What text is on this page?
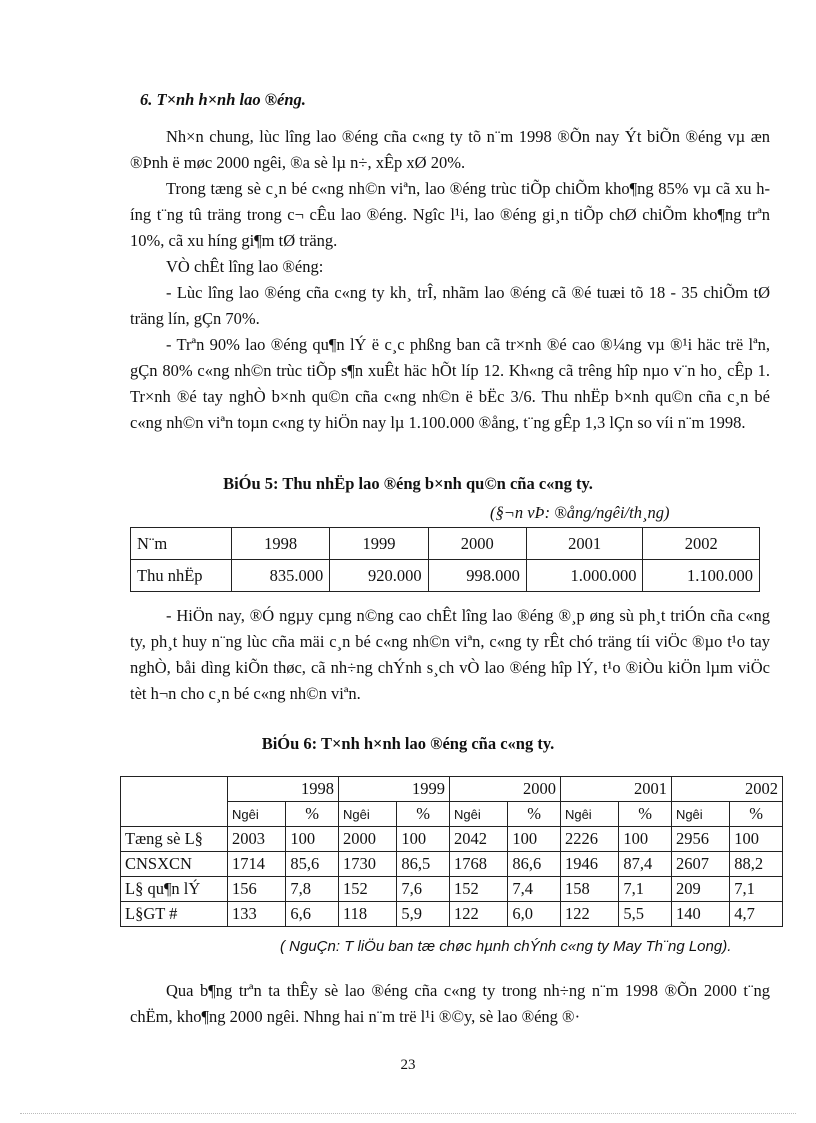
6. T×nh h×nh lao ®éng.

Nh×n chung, lùc lîng lao ®éng cña c«ng ty tõ n¨m 1998 ®Õn nay Ýt biÕn ®éng vµ æn ®Þnh ë møc 2000 ngêi, ®a sè lµ n÷, xÊp xØ 20%.

Trong tæng sè c¸n bé c«ng nh©n viªn, lao ®éng trùc tiÕp chiÕm kho¶ng 85% vµ cã xu híng t¨ng tû träng trong c¬ cÊu lao ®éng. Ngîc l¹i, lao ®éng gi¸n tiÕp chØ chiÕm kho¶ng trªn 10%, cã xu híng gi¶m tØ träng.

VÒ chÊt lîng lao ®éng:

- Lùc lîng lao ®éng cña c«ng ty kh¸ trÎ, nhãm lao ®éng cã ®é tuæi tõ 18 - 35 chiÕm tØ träng lín, gÇn 70%.

- Trªn 90% lao ®éng qu¶n lÝ ë c¸c phßng ban cã tr×nh ®é cao ®¼ng vµ ®¹i häc trë lªn, gÇn 80% c«ng nh©n trùc tiÕp s¶n xuÊt häc hÕt líp 12. Kh«ng cã trêng hîp nµo v¨n ho¸ cÊp 1. Tr×nh ®é tay nghÒ b×nh qu©n cña c«ng nh©n ë bËc 3/6. Thu nhËp b×nh qu©n cña c¸n bé c«ng nh©n viªn toµn c«ng ty hiÖn nay lµ 1.100.000 ®ång, t¨ng gÊp 1,3 lÇn so víi n¨m 1998.

BiÓu 5: Thu nhËp lao ®éng b×nh qu©n cña c«ng ty.

(§¬n vÞ: ®ång/ngêi/th¸ng)

N¨m	1998	1999	2000	2001	2002
Thu nhËp	835.000	920.000	998.000	1.000.000	1.100.000

- HiÖn nay, ®Ó ngµy cµng n©ng cao chÊt lîng lao ®éng ®¸p øng sù ph¸t triÓn cña c«ng ty, ph¸t huy n¨ng lùc cña mäi c¸n bé c«ng nh©n viªn, c«ng ty rÊt chó träng tíi viÖc ®µo t¹o tay nghÒ, båi dìng kiÕn thøc, cã nh÷ng chÝnh s¸ch vÒ lao ®éng hîp lÝ, t¹o ®iÒu kiÖn lµm viÖc tèt h¬n cho c¸n bé c«ng nh©n viªn.

BiÓu 6: T×nh h×nh lao ®éng cña c«ng ty.

	1998		1999		2000		2001		2002	
	Ngêi	%	Ngêi	%	Ngêi	%	Ngêi	%	Ngêi	%
Tæng sè L§	2003	100	2000	100	2042	100	2226	100	2956	100
CNSXCN	1714	85,6	1730	86,5	1768	86,6	1946	87,4	2607	88,2
L§ qu¶n lÝ	156	7,8	152	7,6	152	7,4	158	7,1	209	7,1
L§GT #	133	6,6	118	5,9	122	6,0	122	5,5	140	4,7

( NguÇn: T liÖu ban tæ chøc hµnh chÝnh c«ng ty May Th¨ng Long).

Qua b¶ng trªn ta thÊy sè lao ®éng cña c«ng ty trong nh÷ng n¨m 1998 ®Õn 2000 t¨ng chËm, kho¶ng 2000 ngêi. Nhng hai n¨m trë l¹i ®©y, sè lao ®éng ®·

23
